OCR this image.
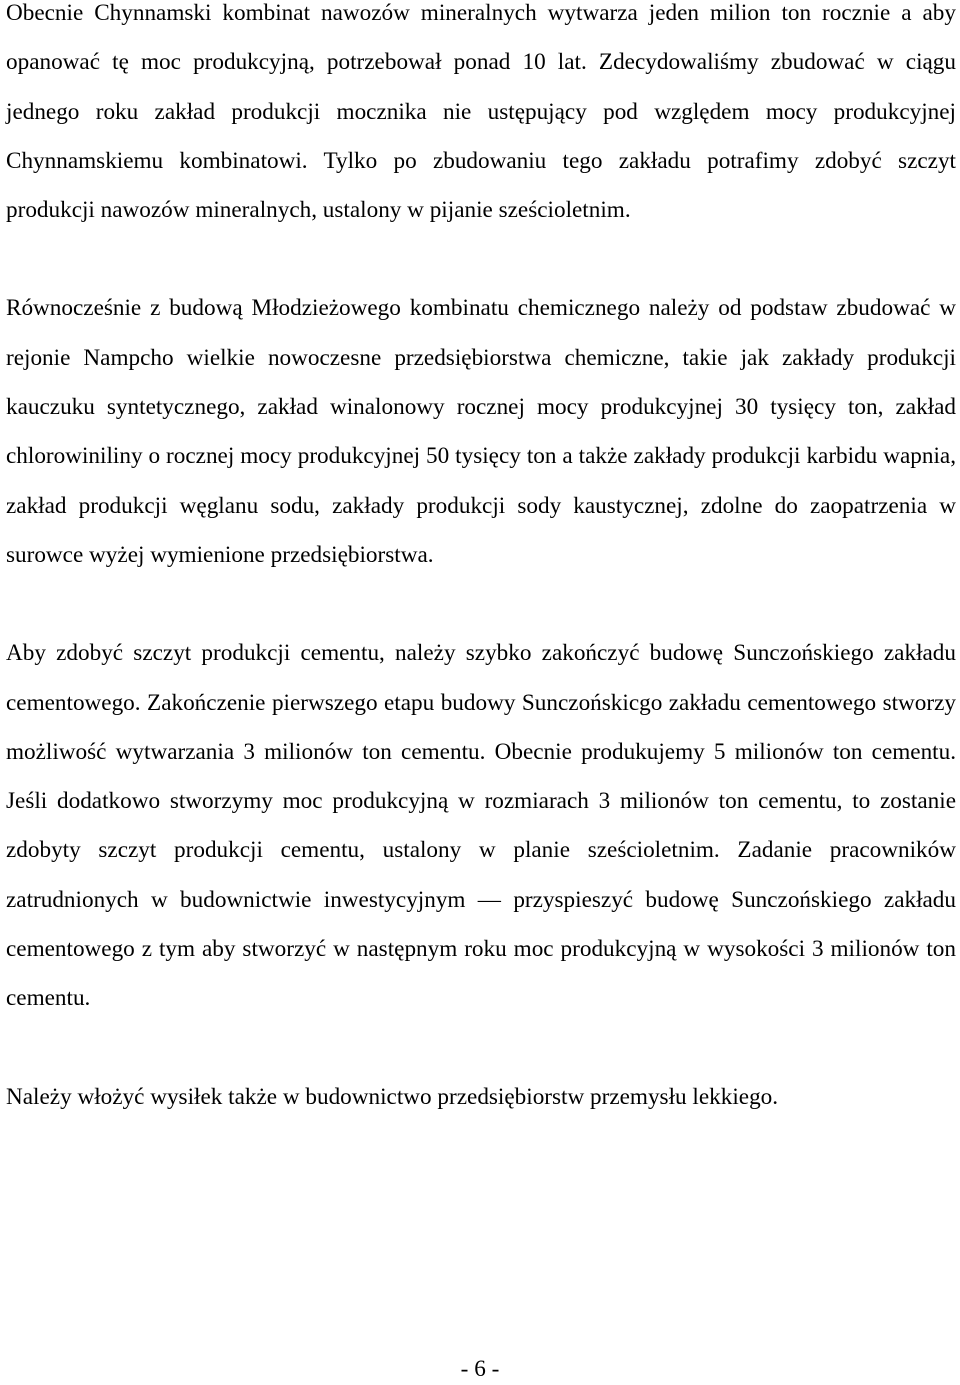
Obecnie Chynnamski kombinat nawozów mineralnych wytwarza jeden milion ton rocznie a aby opanować tę moc produkcyjną, potrzebował ponad 10 lat. Zdecydowaliśmy zbudować w ciągu jednego roku zakład produkcji mocznika nie ustępujący pod względem mocy produkcyjnej Chynnamskiemu kombinatowi. Tylko po zbudowaniu tego zakładu potrafimy zdobyć szczyt produkcji nawozów mineralnych, ustalony w pijanie sześcioletnim.

Równocześnie z budową Młodzieżowego kombinatu chemicznego należy od podstaw zbudować w rejonie Nampcho wielkie nowoczesne przedsiębiorstwa chemiczne, takie jak zakłady produkcji kauczuku syntetycznego, zakład winalonowy rocznej mocy produkcyjnej 30 tysięcy ton, zakład chlorowiniliny o rocznej mocy produkcyjnej 50 tysięcy ton a także zakłady produkcji karbidu wapnia, zakład produkcji węglanu sodu, zakłady produkcji sody kaustycznej, zdolne do zaopatrzenia w surowce wyżej wymienione przedsiębiorstwa.

Aby zdobyć szczyt produkcji cementu, należy szybko zakończyć budowę Sunczońskiego zakładu cementowego. Zakończenie pierwszego etapu budowy Sunczońskicgo zakładu cementowego stworzy możliwość wytwarzania 3 milionów ton cementu. Obecnie produkujemy 5 milionów ton cementu. Jeśli dodatkowo stworzymy moc produkcyjną w rozmiarach 3 milionów ton cementu, to zostanie zdobyty szczyt produkcji cementu, ustalony w planie sześcioletnim. Zadanie pracowników zatrudnionych w budownictwie inwestycyjnym — przyspieszyć budowę Sunczońskiego zakładu cementowego z tym aby stworzyć w następnym roku moc produkcyjną w wysokości 3 milionów ton cementu.

Należy włożyć wysiłek także w budownictwo przedsiębiorstw przemysłu lekkiego.

- 6 -
